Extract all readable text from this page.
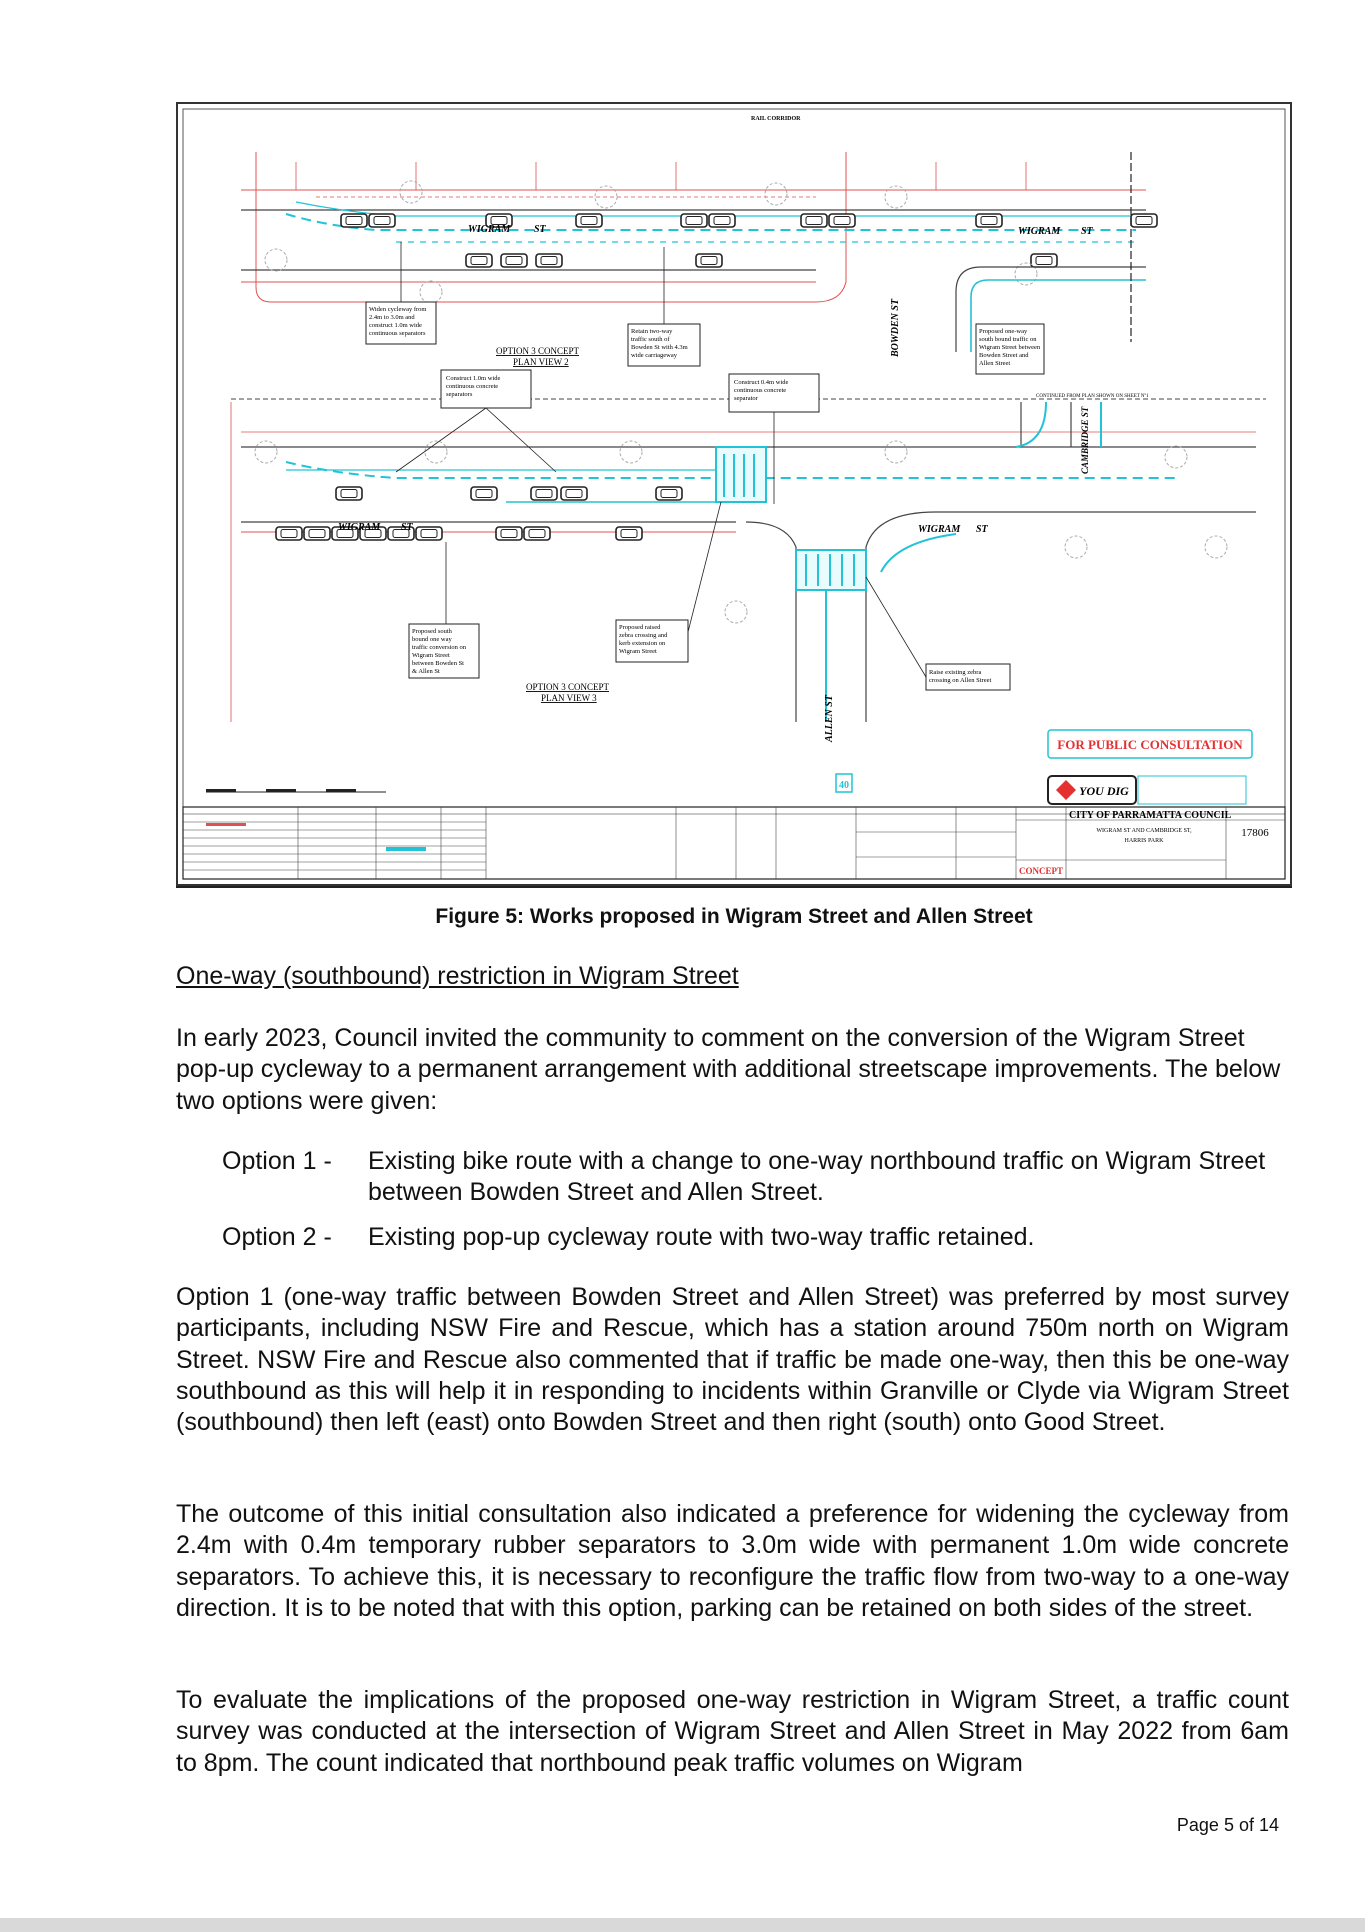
WIGRAM ST	WIGRAM ST
BOWDEN ST
RAIL CORRIDOR
OPTION 3 CONCEPT
PLAN VIEW 2
WIGRAM ST	WIGRAM ST
ALLEN ST
CAMBRIDGE ST
CONTINUED FROM PLAN SHOWN ON SHEET Nº1
OPTION 3 CONCEPT
PLAN VIEW 3
40
Widen cycleway from 2.4m to 3.0m and construct 1.0m wide continuous separators	Retain two-way traffic south of Bowden St with 4.3m wide carriageway
Proposed one-way south bound traffic on Wigram Street between Bowden Street and Allen Street
Construct 1.0m wide continuous concrete separators
Construct 0.4m wide continuous concrete separator
Proposed south bound one way traffic conversion on Wigram Street between Bowden St & Allen St
Proposed raised zebra crossing and kerb extension on Wigram Street
Raise existing zebra crossing on Allen Street
FOR PUBLIC CONSULTATION
YOU DIG
CITY OF PARRAMATTA COUNCIL
WIGRAM ST AND CAMBRIDGE ST,
HARRIS PARK
17806
CONCEPT
Figure 5: Works proposed in Wigram Street and Allen Street
One-way (southbound) restriction in Wigram Street

In early 2023, Council invited the community to comment on the conversion of the Wigram Street pop-up cycleway to a permanent arrangement with additional streetscape improvements. The below two options were given:

Option 1 -	Existing bike route with a change to one-way northbound traffic on Wigram Street between Bowden Street and Allen Street.
Option 2 -	Existing pop-up cycleway route with two-way traffic retained.

Option 1 (one-way traffic between Bowden Street and Allen Street) was preferred by most survey participants, including NSW Fire and Rescue, which has a station around 750m north on Wigram Street. NSW Fire and Rescue also commented that if traffic be made one-way, then this be one-way southbound as this will help it in responding to incidents within Granville or Clyde via Wigram Street (southbound) then left (east) onto Bowden Street and then right (south) onto Good Street.

The outcome of this initial consultation also indicated a preference for widening the cycleway from 2.4m with 0.4m temporary rubber separators to 3.0m wide with permanent 1.0m wide concrete separators. To achieve this, it is necessary to reconfigure the traffic flow from two-way to a one-way direction. It is to be noted that with this option, parking can be retained on both sides of the street.

To evaluate the implications of the proposed one-way restriction in Wigram Street, a traffic count survey was conducted at the intersection of Wigram Street and Allen Street in May 2022 from 6am to 8pm. The count indicated that northbound peak traffic volumes on Wigram

Page 5 of 14
